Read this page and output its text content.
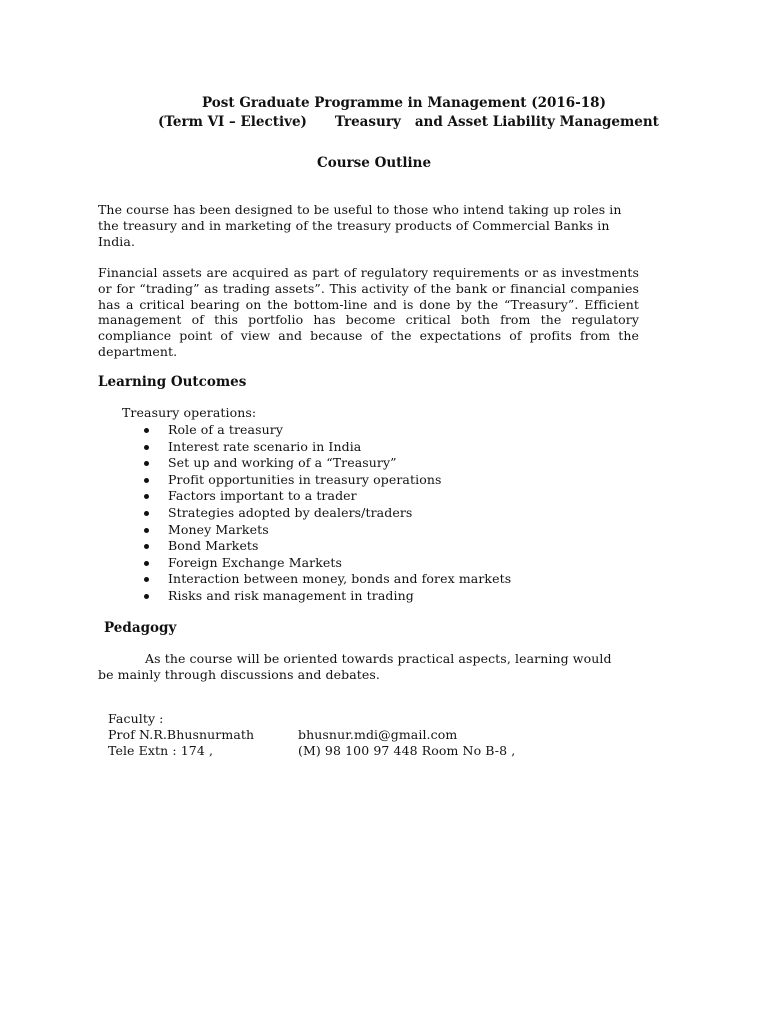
Post Graduate Programme in Management (2016-18)
(Term VI – Elective) Treasury and Asset Liability Management
Course Outline

The course has been designed to be useful to those who intend taking up roles in the treasury and in marketing of the treasury products of Commercial Banks in India.

Financial assets are acquired as part of regulatory requirements or as investments or for “trading” as trading assets”. This activity of the bank or financial companies has a critical bearing on the bottom-line and is done by the “Treasury”. Efficient management of this portfolio has become critical both from the regulatory compliance point of view and because of the expectations of profits from the department.

Learning Outcomes
Treasury operations:
Role of a treasury
Interest rate scenario in India
Set up and working of a “Treasury”
Profit opportunities in treasury operations
Factors important to a trader
Strategies adopted by dealers/traders
Money Markets
Bond Markets
Foreign Exchange Markets
Interaction between money, bonds and forex markets
Risks and risk management in trading
Pedagogy

As the course will be oriented towards practical aspects, learning would be mainly through discussions and debates.

Faculty :
Prof N.R.Bhusnurmath	bhusnur.mdi@gmail.com
Tele Extn : 174 ,	(M) 98 100 97 448 Room No B-8 ,
